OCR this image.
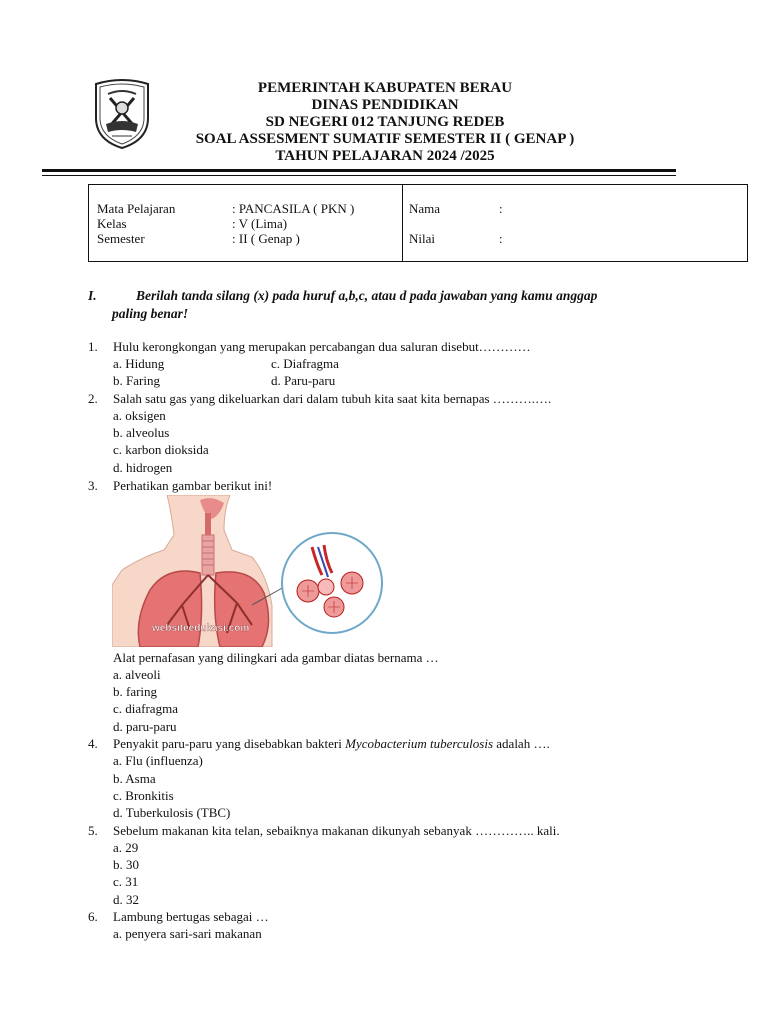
PEMERINTAH KABUPATEN BERAU
DINAS PENDIDIKAN
SD NEGERI 012 TANJUNG REDEB
SOAL ASSESMENT SUMATIF SEMESTER II ( GENAP )
TAHUN PELAJARAN 2024 /2025
Mata Pelajaran	: PANCASILA ( PKN )
Kelas	: V (Lima)
Semester	: II ( Genap )
Nama	:
Nilai	:
I.	Berilah tanda silang (x) pada huruf a,b,c, atau d pada jawaban yang kamu anggap
paling benar!
1.	Hulu kerongkongan yang merupakan percabangan dua saluran disebut…………
a. Hidung	c. Diafragma
b. Faring	d. Paru-paru
2.	Salah satu gas yang dikeluarkan dari dalam tubuh kita saat kita bernapas ……….….
a. oksigen
b. alveolus
c. karbon dioksida
d. hidrogen
3.	Perhatikan gambar berikut ini!
websiteedukasi.com
Alat pernafasan yang dilingkari ada gambar diatas bernama …
a. alveoli
b. faring
c. diafragma
d. paru-paru
4.	Penyakit paru-paru yang disebabkan bakteri Mycobacterium tuberculosis adalah ….
a. Flu (influenza)
b. Asma
c. Bronkitis
d. Tuberkulosis (TBC)
5.	Sebelum makanan kita telan, sebaiknya makanan dikunyah sebanyak ………….. kali.
a. 29
b. 30
c. 31
d. 32
6.	Lambung bertugas sebagai …
a. penyera sari-sari makanan
